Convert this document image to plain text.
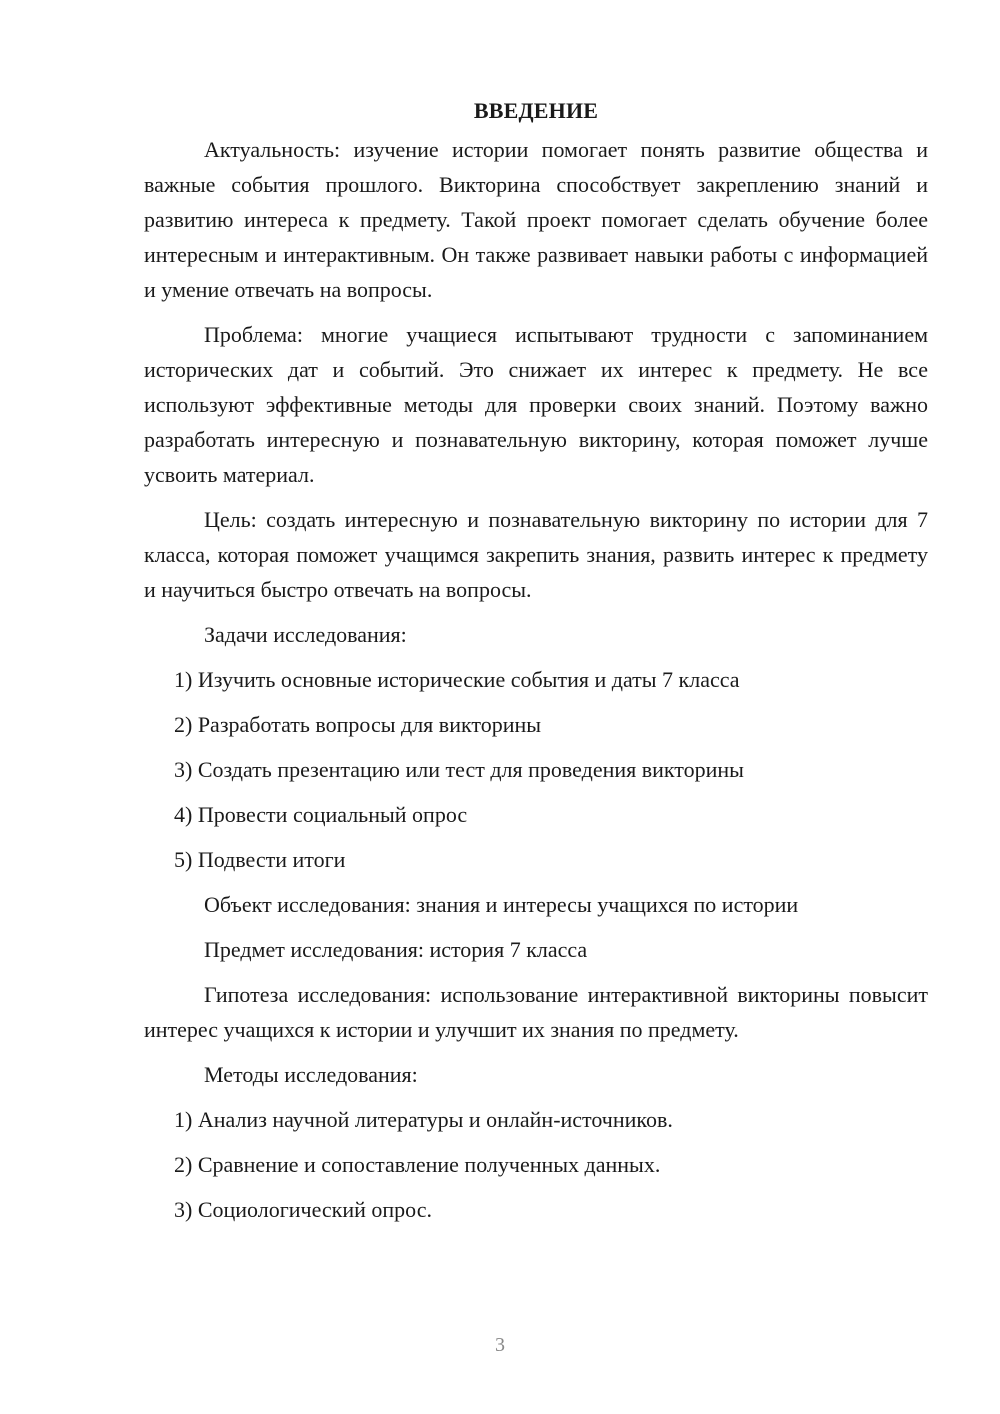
ВВЕДЕНИЕ

Актуальность: изучение истории помогает понять развитие общества и важные события прошлого. Викторина способствует закреплению знаний и развитию интереса к предмету. Такой проект помогает сделать обучение более интересным и интерактивным. Он также развивает навыки работы с информацией и умение отвечать на вопросы.

Проблема: многие учащиеся испытывают трудности с запоминанием исторических дат и событий. Это снижает их интерес к предмету. Не все используют эффективные методы для проверки своих знаний. Поэтому важно разработать интересную и познавательную викторину, которая поможет лучше усвоить материал.

Цель: создать интересную и познавательную викторину по истории для 7 класса, которая поможет учащимся закрепить знания, развить интерес к предмету и научиться быстро отвечать на вопросы.

Задачи исследования:

1) Изучить основные исторические события и даты 7 класса
2) Разработать вопросы для викторины
3) Создать презентацию или тест для проведения викторины
4) Провести социальный опрос
5) Подвести итоги

Объект исследования: знания и интересы учащихся по истории

Предмет исследования: история 7 класса

Гипотеза исследования: использование интерактивной викторины повысит интерес учащихся к истории и улучшит их знания по предмету.

Методы исследования:

1) Анализ научной литературы и онлайн-источников.
2) Сравнение и сопоставление полученных данных.
3) Социологический опрос.
3
